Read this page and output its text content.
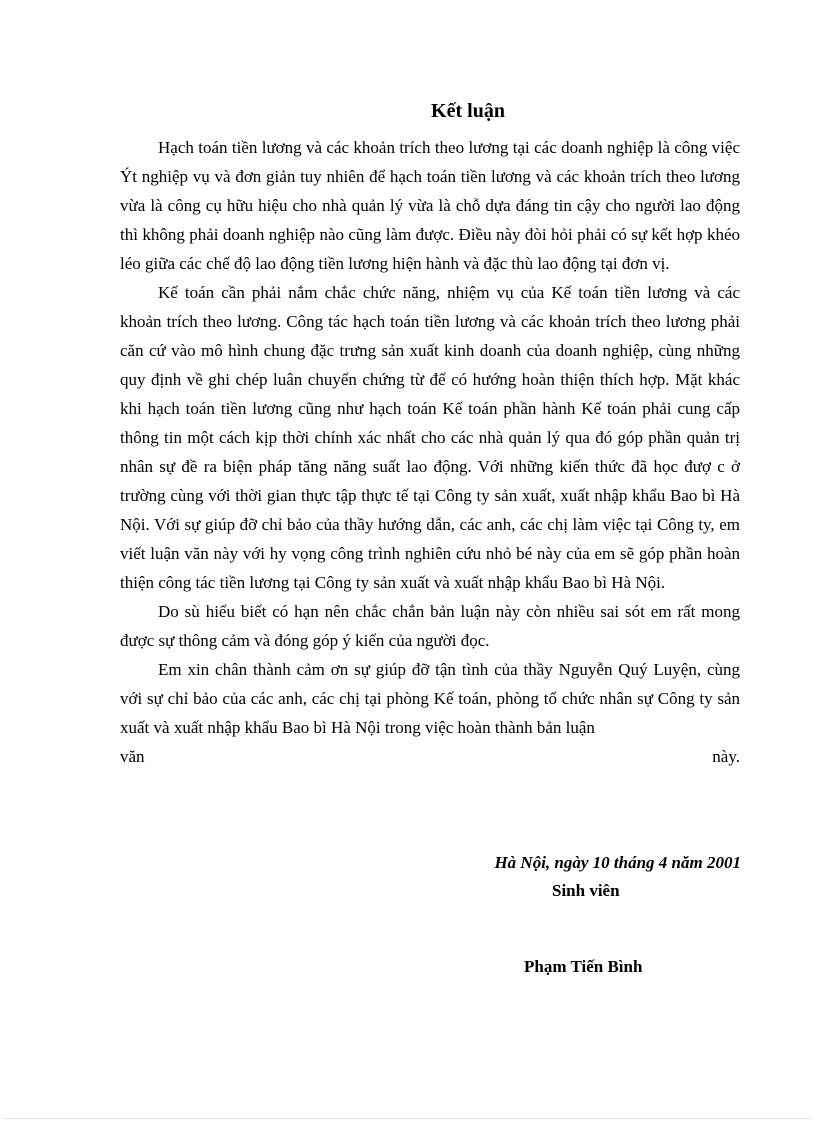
Kết luận

Hạch toán tiền lương và các khoản trích theo lương tại các doanh nghiệp là công việc Ýt nghiệp vụ và đơn giản tuy nhiên để hạch toán tiền lương và các khoản trích theo lương vừa là công cụ hữu hiệu cho nhà quản lý vừa là chỗ dựa đáng tin cậy cho người lao động thì không phải doanh nghiệp nào cũng làm được. Điều này đòi hỏi phải có sự kết hợp khéo léo giữa các chế độ lao động tiền lương hiện hành và đặc thù lao động tại đơn vị.

Kế toán cần phải nắm chắc chức năng, nhiệm vụ của Kế toán tiền lương và các khoản trích theo lương. Công tác hạch toán tiền lương và các khoản trích theo lương phải căn cứ vào mô hình chung đặc trưng sản xuất kinh doanh của doanh nghiệp, cùng những quy định về ghi chép luân chuyển chứng từ để có hướng hoàn thiện thích hợp. Mặt khác khi hạch toán tiền lương cũng như hạch toán Kế toán phần hành Kế toán phải cung cấp thông tin một cách kịp thời chính xác nhất cho các nhà quản lý qua đó góp phần quản trị nhân sự đề ra biện pháp tăng năng suất lao động. Với những kiến thức đã học đượ c ở trường cùng với thời gian thực tập thực tế tại Công ty sản xuất, xuất nhập khẩu Bao bì Hà Nội. Với sự giúp đỡ chỉ bảo của thầy hướng dẫn, các anh, các chị làm việc tại Công ty, em viết luận văn này với hy vọng công trình nghiên cứu nhỏ bé này của em sẽ góp phần hoàn thiện công tác tiền lương tại Công ty sản xuất và xuất nhập khẩu Bao bì Hà Nội.

Do sù hiểu biết có hạn nên chắc chắn bản luận này còn nhiều sai sót em rất mong được sự thông cảm và đóng góp ý kiến của người đọc.

Em xin chân thành cảm ơn sự giúp đỡ tận tình của thầy Nguyễn Quý Luyện, cùng với sự chỉ bảo của các anh, các chị tại phòng Kế toán, phòng tổ chức nhân sự Công ty sản xuất và xuất nhập khẩu Bao bì Hà Nội trong việc hoàn thành bản luận

văn	này.
Hà Nội, ngày 10 tháng 4 năm 2001
Sinh viên
Phạm Tiến Bình
